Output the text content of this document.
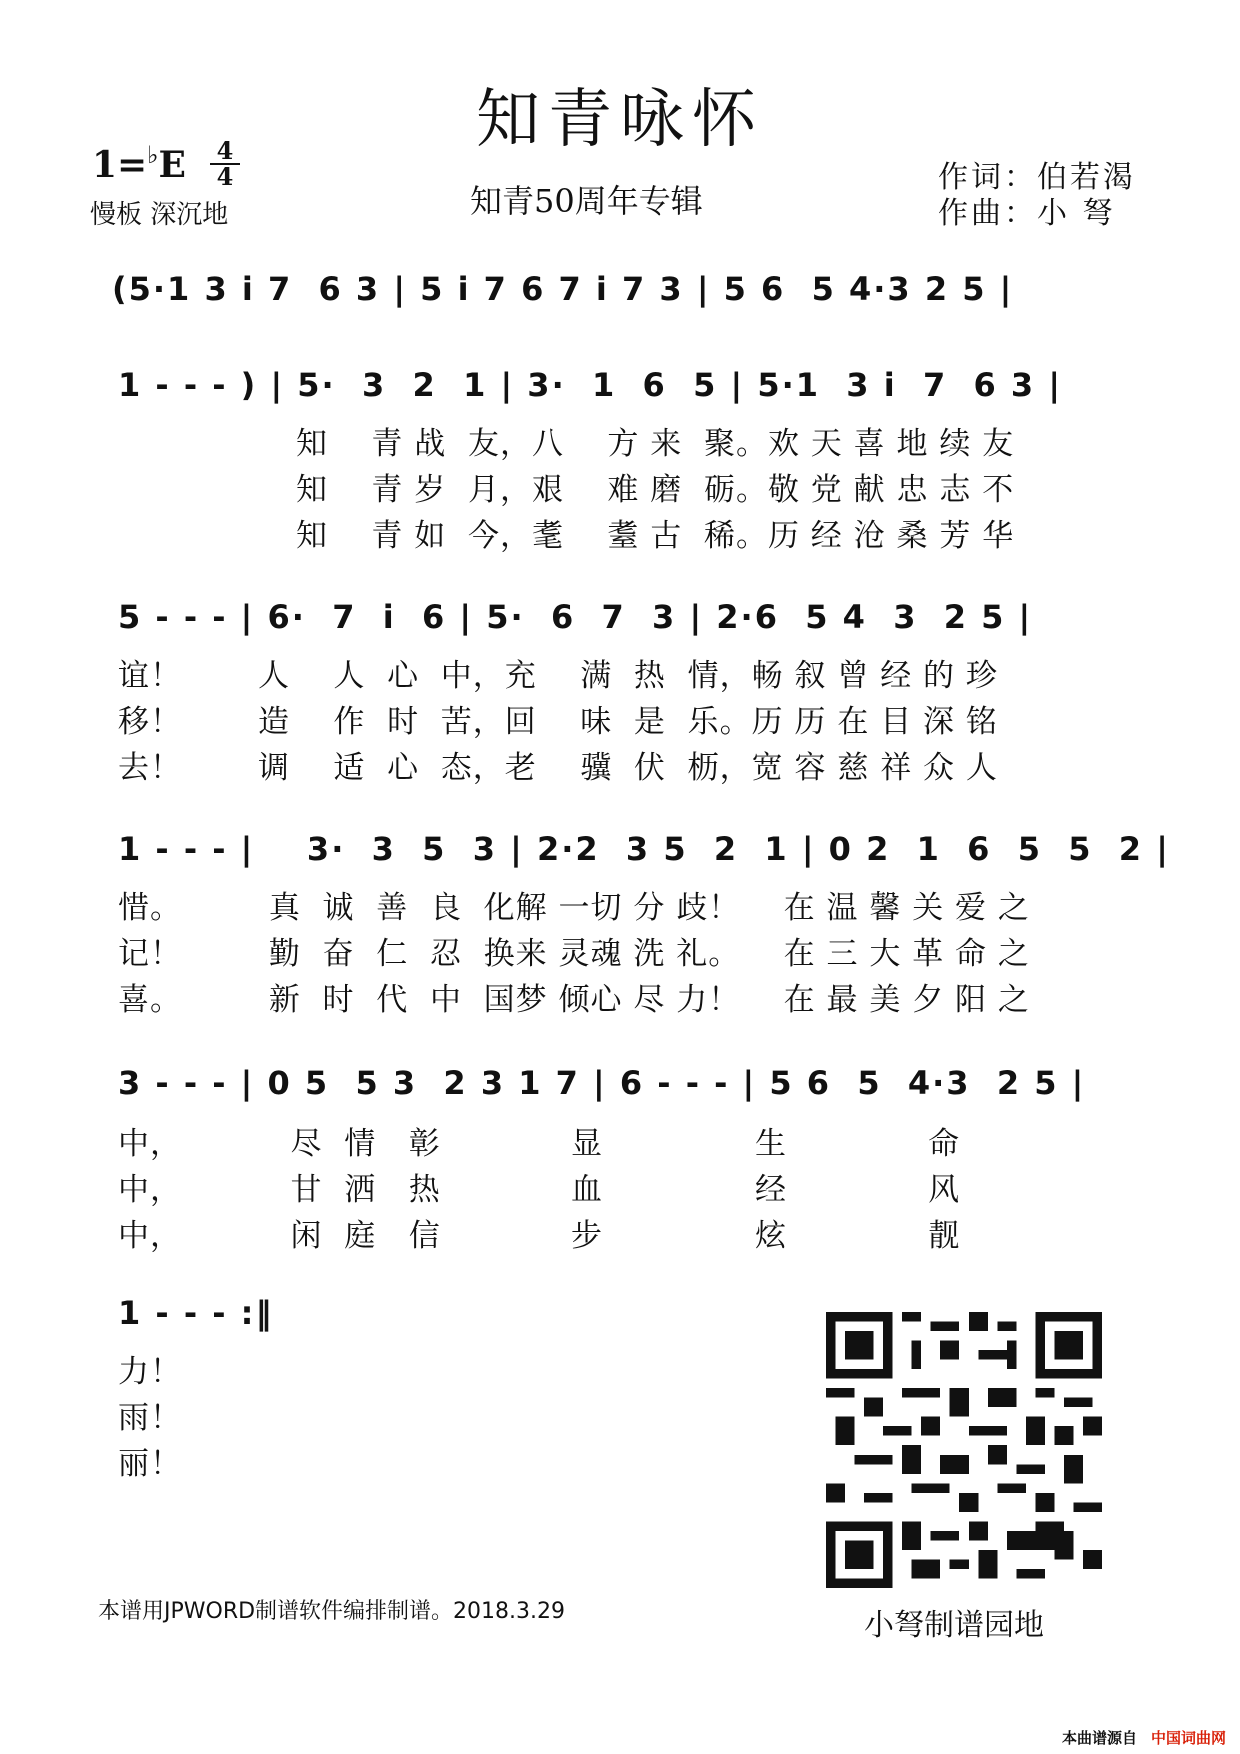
知青咏怀
1=♭E 4
4
慢板 深沉地	知青50周年专辑
作词：伯若渴
作曲：小 弩
(5·1 3 i 7  6 3 | 5 i 7 6 7 i 7 3 | 5 6  5 4·3 2 5 |
1 - - - ) | 5·  3  2  1 | 3·  1  6  5 | 5·1  3 i  7  6 3 |
知    青 战  友，八    方 来  聚。欢 天 喜 地 续 友
知    青 岁  月，艰    难 磨  砺。敬 党 献 忠 志 不
知    青 如  今，耄    耋 古  稀。历 经 沧 桑 芳 华
5 - - - | 6·  7  i  6 | 5·  6  7  3 | 2·6  5 4  3  2 5 |
谊！       人    人  心  中，充    满  热  情，畅 叙 曾 经 的 珍
移！       造    作  时  苦，回    味  是  乐。历 历 在 目 深 铭
去！       调    适  心  态，老    骥  伏  枥，宽 容 慈 祥 众 人
1 - - - |    3·  3  5  3 | 2·2  3 5  2  1 | 0 2  1  6  5  5  2 |
惜。        真  诚  善  良  化解 一切 分 歧！    在 温 馨 关 爱 之
记！        勤  奋  仁  忍  换来 灵魂 洗 礼。    在 三 大 革 命 之
喜。        新  时  代  中  国梦 倾心 尽 力！    在 最 美 夕 阳 之
3 - - - | 0 5  5 3  2 3 1 7 | 6 - - - | 5 6  5  4·3  2 5 |
中，          尽  情   彰            显              生             命
中，          甘  洒   热            血              经             风
中，          闲  庭   信            步              炫             靓
1 - - - :‖
力！
雨！
丽！
小弩制谱园地
本谱用JPWORD制谱软件编排制谱。2018.3.29
本曲谱源自 中国词曲网
